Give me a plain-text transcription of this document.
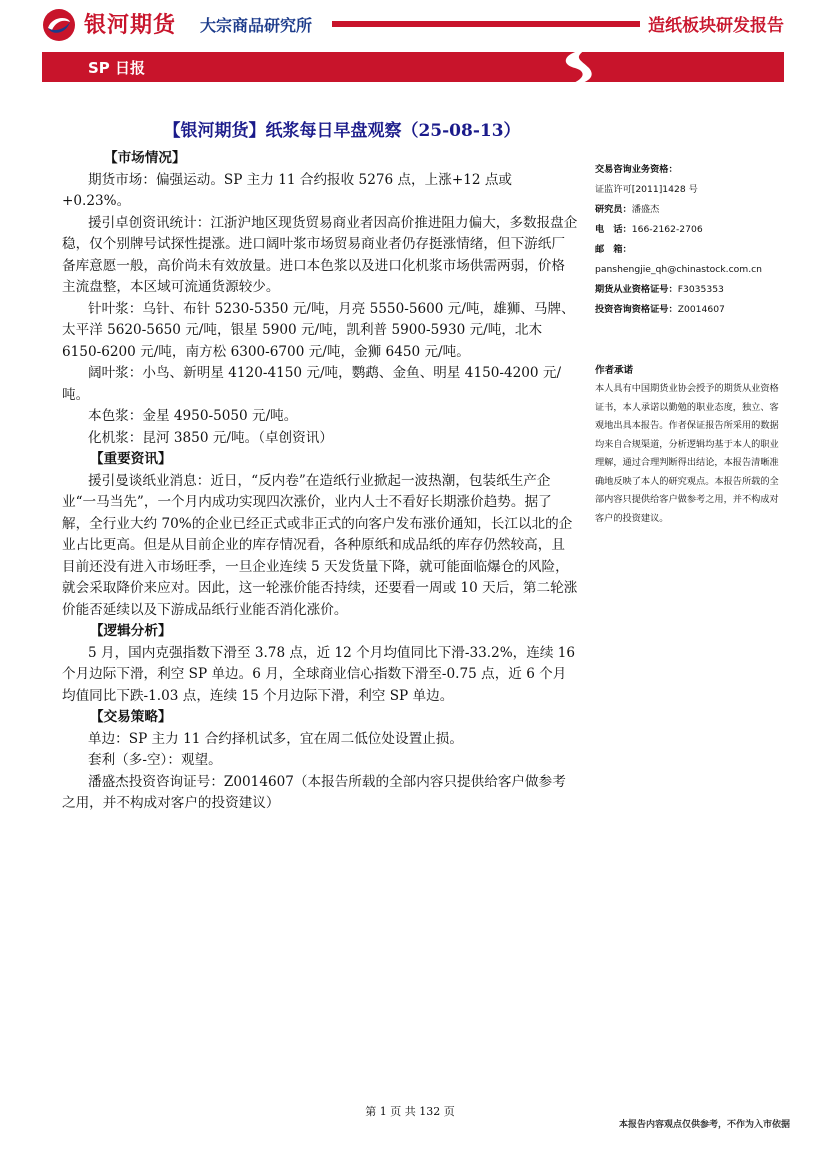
银河期货 大宗商品研究所	造纸板块研发报告
SP 日报
【银河期货】纸浆每日早盘观察（25-08-13）

【市场情况】

期货市场：偏强运动。SP 主力 11 合约报收 5276 点，上涨+12 点或+0.23%。

援引卓创资讯统计：江浙沪地区现货贸易商业者因高价推进阻力偏大，多数报盘企稳，仅个别牌号试探性提涨。进口阔叶浆市场贸易商业者仍存挺涨情绪，但下游纸厂备库意愿一般，高价尚未有效放量。进口本色浆以及进口化机浆市场供需两弱，价格主流盘整，本区域可流通货源较少。

针叶浆：乌针、布针 5230-5350 元/吨，月亮 5550-5600 元/吨，雄狮、马牌、太平洋 5620-5650 元/吨，银星 5900 元/吨，凯利普 5900-5930 元/吨，北木 6150-6200 元/吨，南方松 6300-6700 元/吨，金狮 6450 元/吨。

阔叶浆：小鸟、新明星 4120-4150 元/吨，鹦鹉、金鱼、明星 4150-4200 元/吨。

本色浆：金星 4950-5050 元/吨。

化机浆：昆河 3850 元/吨。（卓创资讯）

【重要资讯】

援引曼谈纸业消息：近日，“反内卷”在造纸行业掀起一波热潮，包装纸生产企业“一马当先”，一个月内成功实现四次涨价，业内人士不看好长期涨价趋势。据了解，全行业大约 70%的企业已经正式或非正式的向客户发布涨价通知，长江以北的企业占比更高。但是从目前企业的库存情况看，各种原纸和成品纸的库存仍然较高，且目前还没有进入市场旺季，一旦企业连续 5 天发货量下降，就可能面临爆仓的风险，就会采取降价来应对。因此，这一轮涨价能否持续，还要看一周或 10 天后，第二轮涨价能否延续以及下游成品纸行业能否消化涨价。

【逻辑分析】

5 月，国内克强指数下滑至 3.78 点，近 12 个月均值同比下滑-33.2%，连续 16 个月边际下滑，利空 SP 单边。6 月，全球商业信心指数下滑至-0.75 点，近 6 个月均值同比下跌-1.03 点，连续 15 个月边际下滑，利空 SP 单边。

【交易策略】

单边：SP 主力 11 合约择机试多，宜在周二低位处设置止损。

套利（多-空）：观望。

潘盛杰投资咨询证号：Z0014607（本报告所载的全部内容只提供给客户做参考之用，并不构成对客户的投资建议）

交易咨询业务资格：
证监许可[2011]1428 号
研究员：潘盛杰
电　话：166-2162-2706
邮　箱：
panshengjie_qh@chinastock.com.cn
期货从业资格证号：F3035353
投资咨询资格证号：Z0014607
作者承诺
本人具有中国期货业协会授予的期货从业资格证书，本人承诺以勤勉的职业态度，独立、客观地出具本报告。作者保证报告所采用的数据均来自合规渠道，分析逻辑均基于本人的职业理解，通过合理判断得出结论，本报告清晰准确地反映了本人的研究观点。本报告所载的全部内容只提供给客户做参考之用，并不构成对客户的投资建议。
第 1 页 共 132 页
本报告内容观点仅供参考，不作为入市依据
